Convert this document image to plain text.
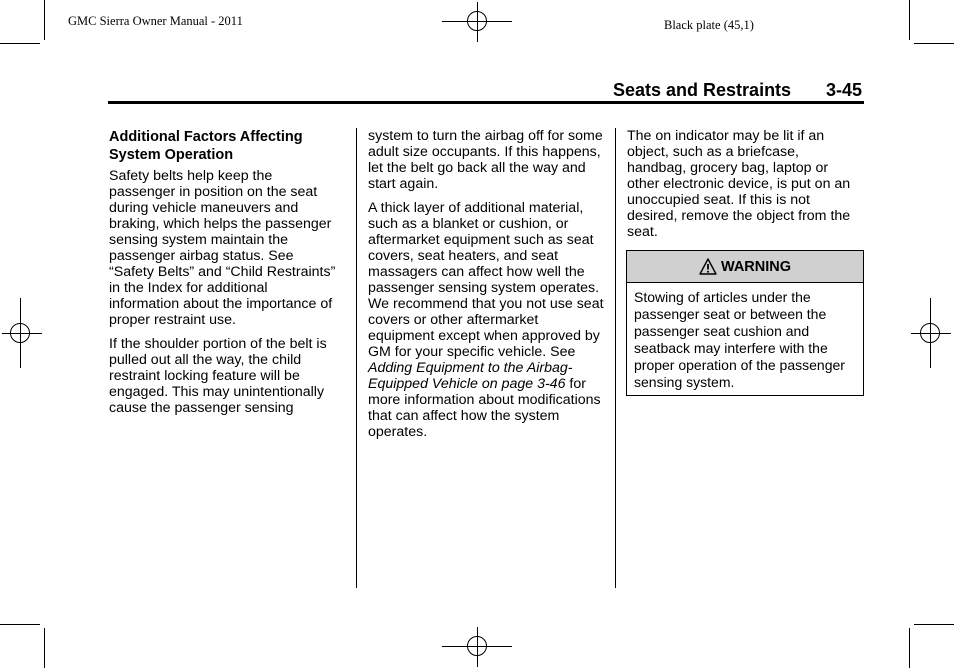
GMC Sierra Owner Manual - 2011	Black plate (45,1)
Seats and Restraints 3-45
Additional Factors Affecting System Operation

Safety belts help keep the passenger in position on the seat during vehicle maneuvers and braking, which helps the passenger sensing system maintain the passenger airbag status. See “Safety Belts” and “Child Restraints” in the Index for additional information about the importance of proper restraint use.

If the shoulder portion of the belt is pulled out all the way, the child restraint locking feature will be engaged. This may unintentionally cause the passenger sensing

system to turn the airbag off for some adult size occupants. If this happens, let the belt go back all the way and start again.

A thick layer of additional material, such as a blanket or cushion, or aftermarket equipment such as seat covers, seat heaters, and seat massagers can affect how well the passenger sensing system operates. We recommend that you not use seat covers or other aftermarket equipment except when approved by GM for your specific vehicle. See Adding Equipment to the Airbag-Equipped Vehicle on page 3-46 for more information about modifications that can affect how the system operates.

The on indicator may be lit if an object, such as a briefcase, handbag, grocery bag, laptop or other electronic device, is put on an unoccupied seat. If this is not desired, remove the object from the seat.

WARNING
Stowing of articles under the passenger seat or between the passenger seat cushion and seatback may interfere with the proper operation of the passenger sensing system.
